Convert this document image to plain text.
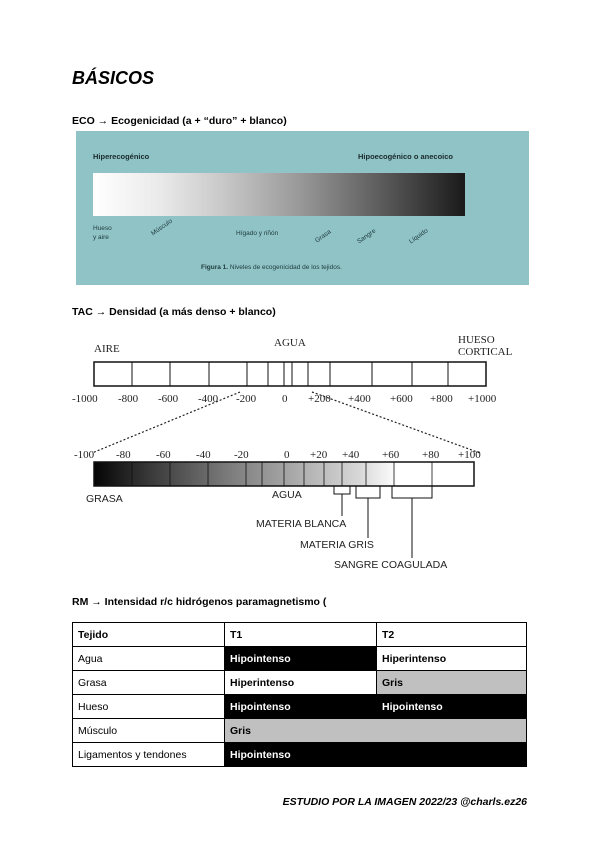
BÁSICOS
ECO → Ecogenicidad (a + “duro” + blanco)
Hiperecogénico	Hipoecogénico o anecoico
Hueso
y aire
Músculo	Hígado y riñón	Grasa	Sangre	Líquido
Figura 1. Niveles de ecogenicidad de los tejidos.
TAC → Densidad (a más denso + blanco)
AIRE	AGUA	HUESO
CORTICAL
-1000 -800 -600 -400 -200 0 +200 +400 +600 +800 +1000
-100 -80 -60 -40 -20	0 +20 +40 +60 +80 +100
GRASA	AGUA
MATERIA BLANCA
MATERIA GRIS
SANGRE COAGULADA
RM → Intensidad r/c hidrógenos paramagnetismo (
Tejido	T1	T2
Agua	Hipointenso	Hiperintenso
Grasa	Hiperintenso	Gris
Hueso	Hipointenso	Hipointenso
Músculo	Gris	
Ligamentos y tendones	Hipointenso	
ESTUDIO POR LA IMAGEN 2022/23 @charls.ez26
